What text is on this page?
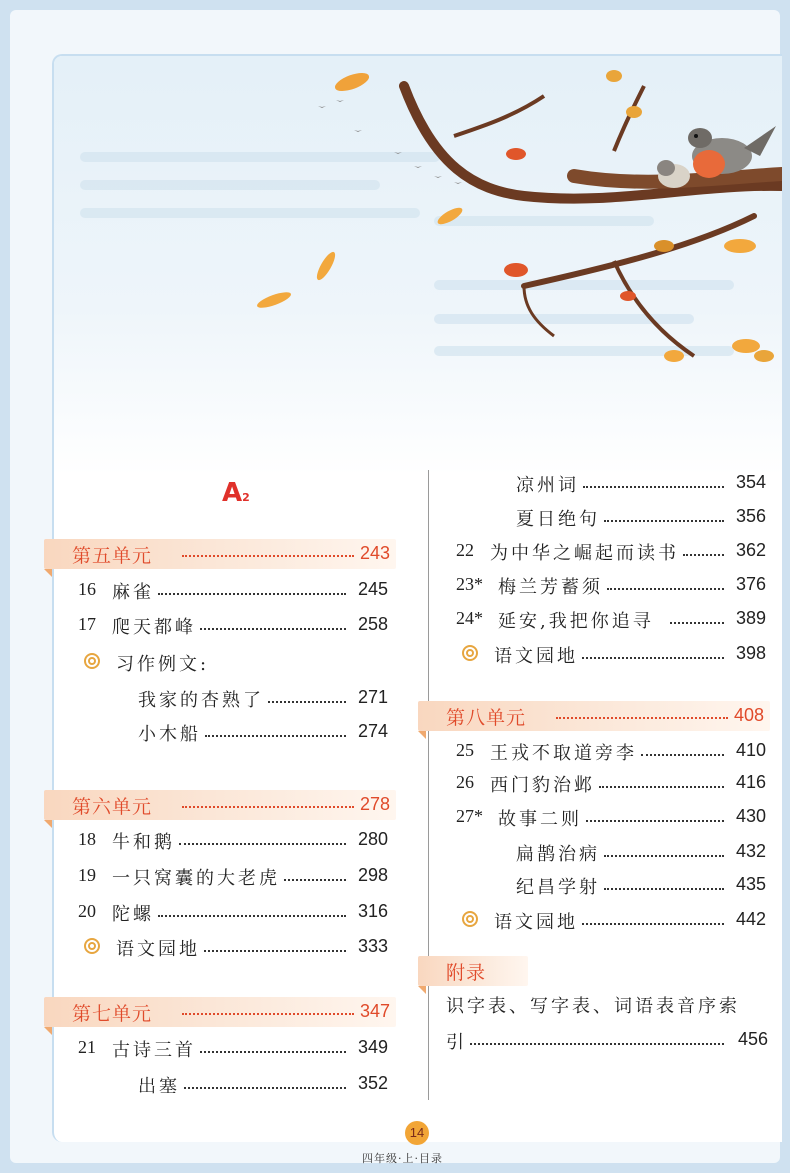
A2
第五单元	243
16 麻雀	245
17 爬天都峰	258
习作例文:
我家的杏熟了	271
小木船	274
第六单元	278
18 牛和鹅	280
19 一只窝囊的大老虎	298
20 陀螺	316
语文园地	333
第七单元	347
21 古诗三首	349
出塞	352
凉州词	354
夏日绝句	356
22 为中华之崛起而读书	362
23* 梅兰芳蓄须	376
24* 延安,我把你追寻	389
语文园地	398
第八单元	408
25 王戎不取道旁李	410
26 西门豹治邺	416
27* 故事二则	430
扁鹊治病	432
纪昌学射	435
语文园地	442
附录
识字表、写字表、词语表音序索
引	456
14
四年级·上·目录
